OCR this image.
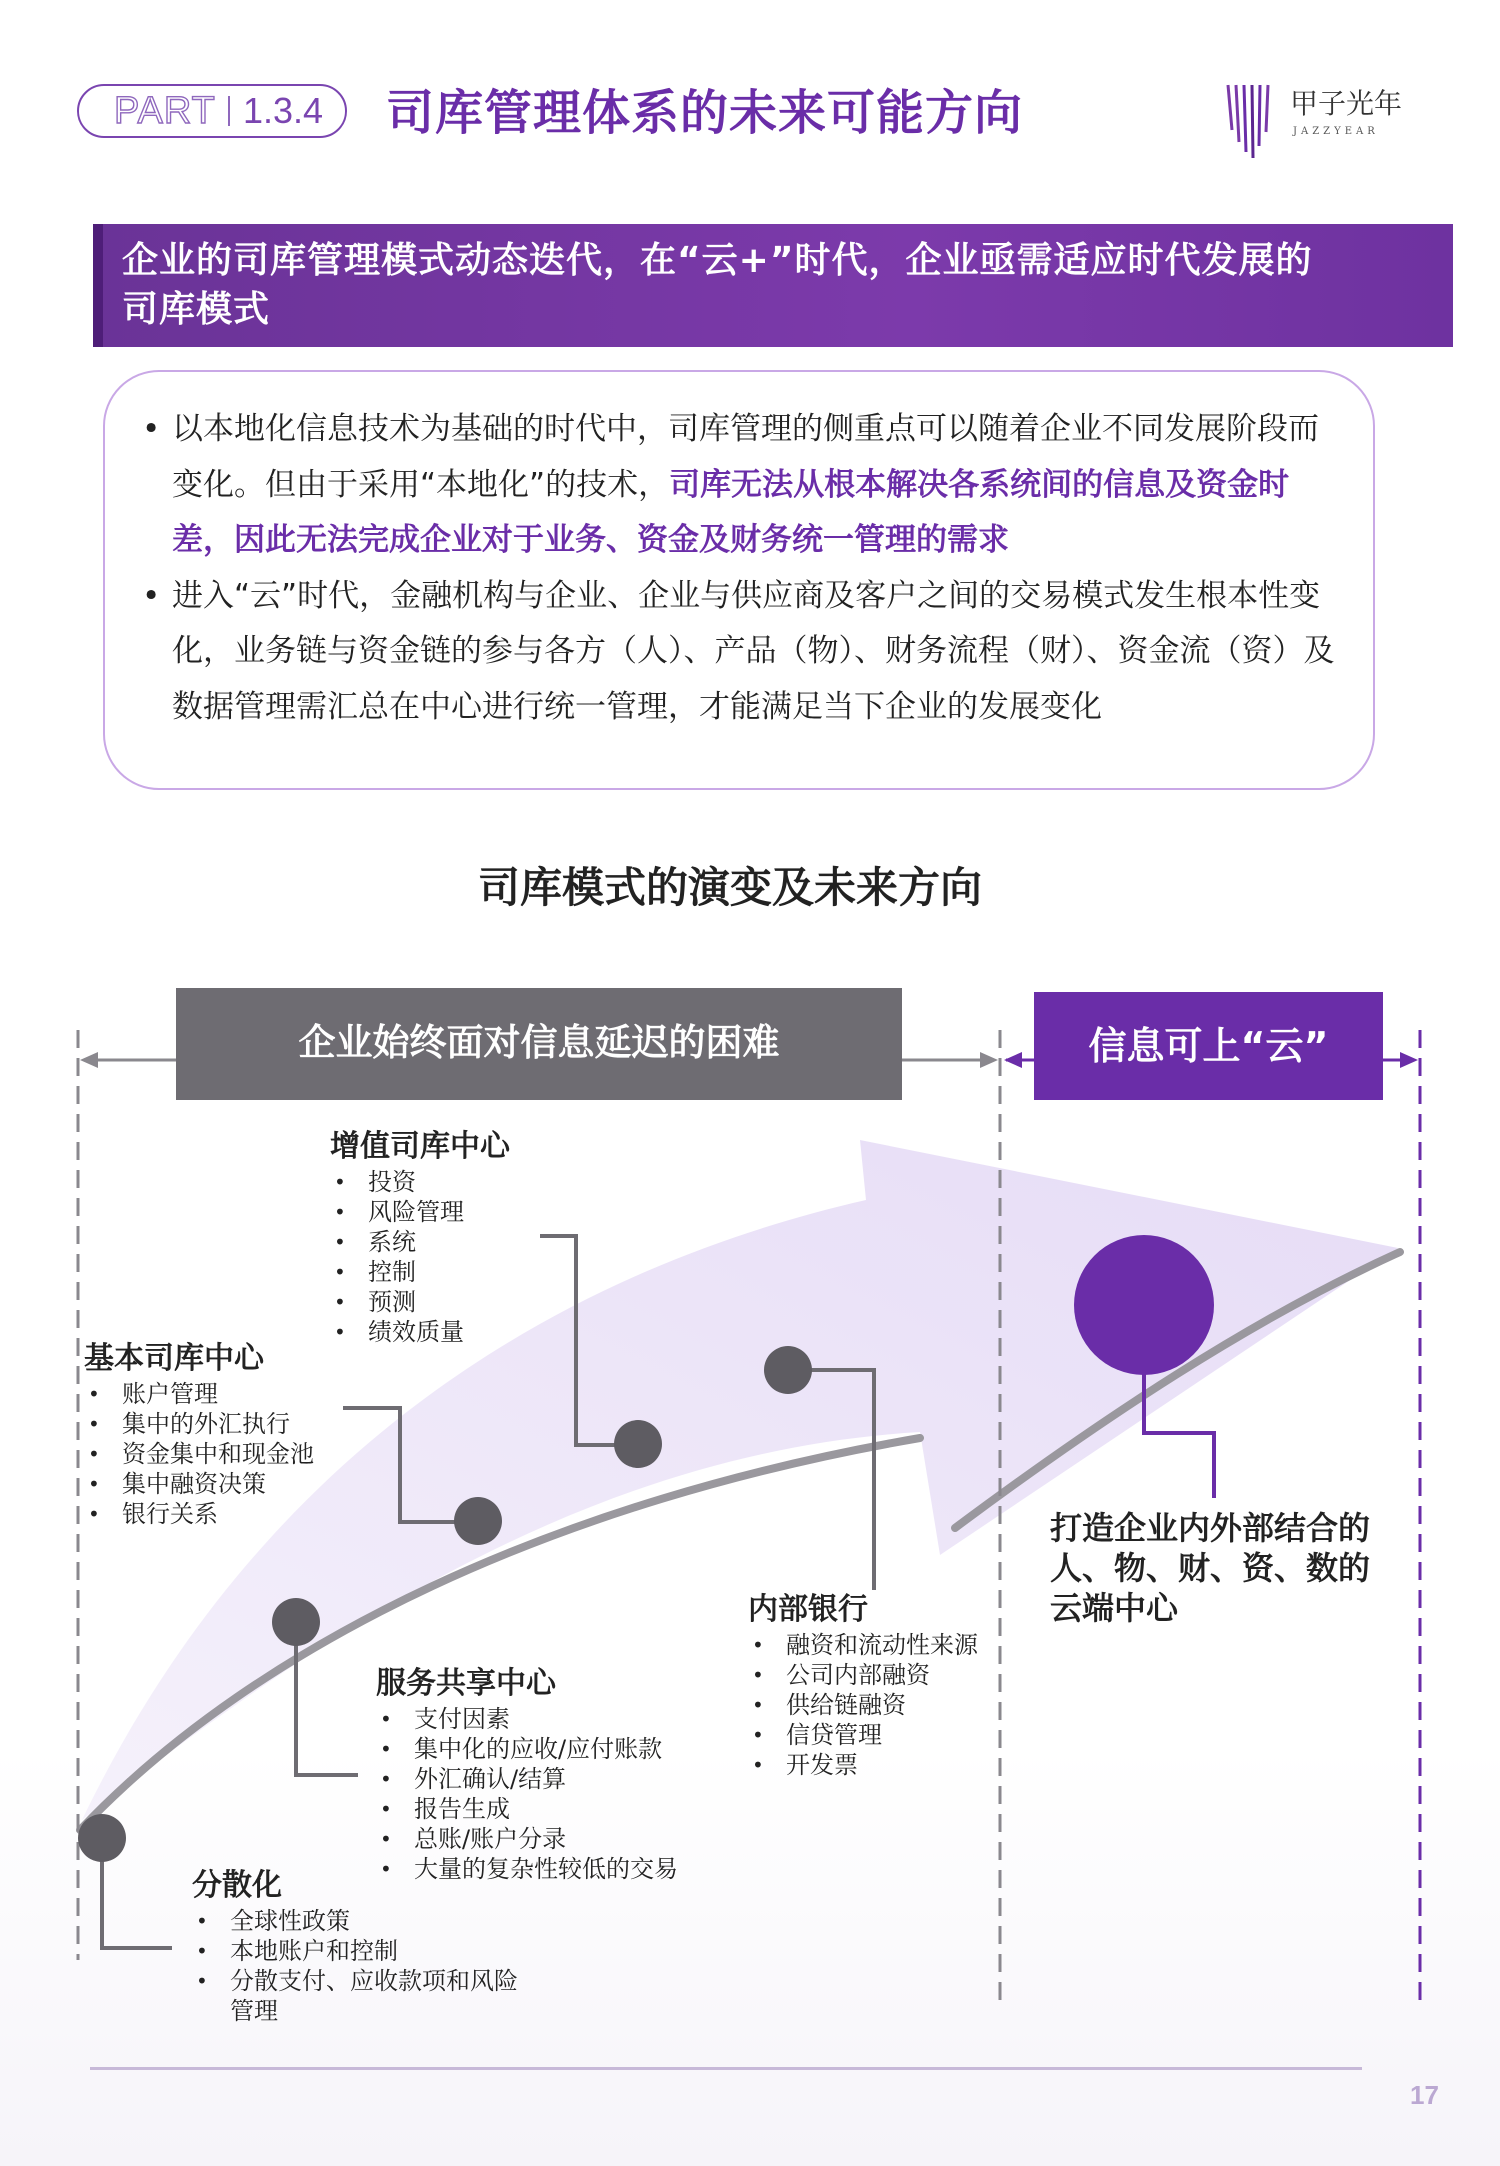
PART 1.3.4 司库管理体系的未来可能方向	甲子光年
JAZZYEAR
企业的司库管理模式动态迭代，在“云+”时代，企业亟需适应时代发展的司库模式
• 以本地化信息技术为基础的时代中，司库管理的侧重点可以随着企业不同发展阶段而变化。但由于采用“本地化”的技术，司库无法从根本解决各系统间的信息及资金时差，因此无法完成企业对于业务、资金及财务统一管理的需求
• 进入“云”时代，金融机构与企业、企业与供应商及客户之间的交易模式发生根本性变化，业务链与资金链的参与各方（人）、产品（物）、财务流程（财）、资金流（资）及数据管理需汇总在中心进行统一管理，才能满足当下企业的发展变化
司库模式的演变及未来方向
企业始终面对信息延迟的困难	信息可上“云”
增值司库中心
• 投资
• 风险管理
• 系统
• 控制
• 预测
• 绩效质量
基本司库中心
• 账户管理
• 集中的外汇执行
• 资金集中和现金池
• 集中融资决策
• 银行关系
内部银行
• 融资和流动性来源
• 公司内部融资
• 供给链融资
• 信贷管理
• 开发票
服务共享中心
• 支付因素
• 集中化的应收/应付账款
• 外汇确认/结算
• 报告生成
• 总账/账户分录
• 大量的复杂性较低的交易
分散化
• 全球性政策
• 本地账户和控制
• 分散支付、应收款项和风险管理
打造企业内外部结合的人、物、财、资、数的云端中心
17
